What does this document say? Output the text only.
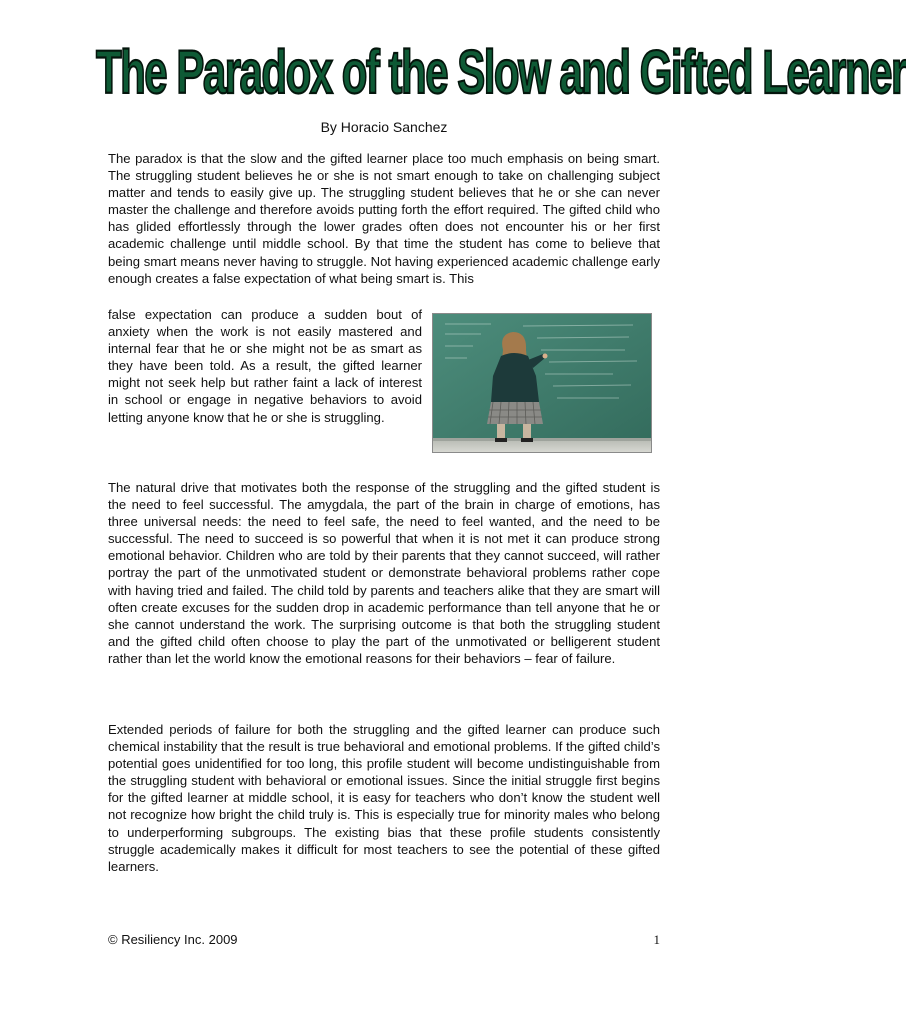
The Paradox of the Slow and Gifted Learner
By Horacio Sanchez

The paradox is that the slow and the gifted learner place too much emphasis on being smart. The struggling student believes he or she is not smart enough to take on challenging subject matter and tends to easily give up. The struggling student believes that he or she can never master the challenge and therefore avoids putting forth the effort required. The gifted child who has glided effortlessly through the lower grades often does not encounter his or her first academic challenge until middle school. By that time the student has come to believe that being smart means never having to struggle. Not having experienced academic challenge early enough creates a false expectation of what being smart is. This

false expectation can produce a sudden bout of anxiety when the work is not easily mastered and internal fear that he or she might not be as smart as they have been told. As a result, the gifted learner might not seek help but rather faint a lack of interest in school or engage in negative behaviors to avoid letting anyone know that he or she is struggling.

The natural drive that motivates both the response of the struggling and the gifted student is the need to feel successful. The amygdala, the part of the brain in charge of emotions, has three universal needs: the need to feel safe, the need to feel wanted, and the need to be successful. The need to succeed is so powerful that when it is not met it can produce strong emotional behavior. Children who are told by their parents that they cannot succeed, will rather portray the part of the unmotivated student or demonstrate behavioral problems rather cope with having tried and failed. The child told by parents and teachers alike that they are smart will often create excuses for the sudden drop in academic performance than tell anyone that he or she cannot understand the work. The surprising outcome is that both the struggling student and the gifted child often choose to play the part of the unmotivated or belligerent student rather than let the world know the emotional reasons for their behaviors – fear of failure.

Extended periods of failure for both the struggling and the gifted learner can produce such chemical instability that the result is true behavioral and emotional problems. If the gifted child’s potential goes unidentified for too long, this profile student will become undistinguishable from the struggling student with behavioral or emotional issues. Since the initial struggle first begins for the gifted learner at middle school, it is easy for teachers who don’t know the student well not recognize how bright the child truly is. This is especially true for minority males who belong to underperforming subgroups. The existing bias that these profile students consistently struggle academically makes it difficult for most teachers to see the potential of these gifted learners.

© Resiliency Inc. 2009	1
